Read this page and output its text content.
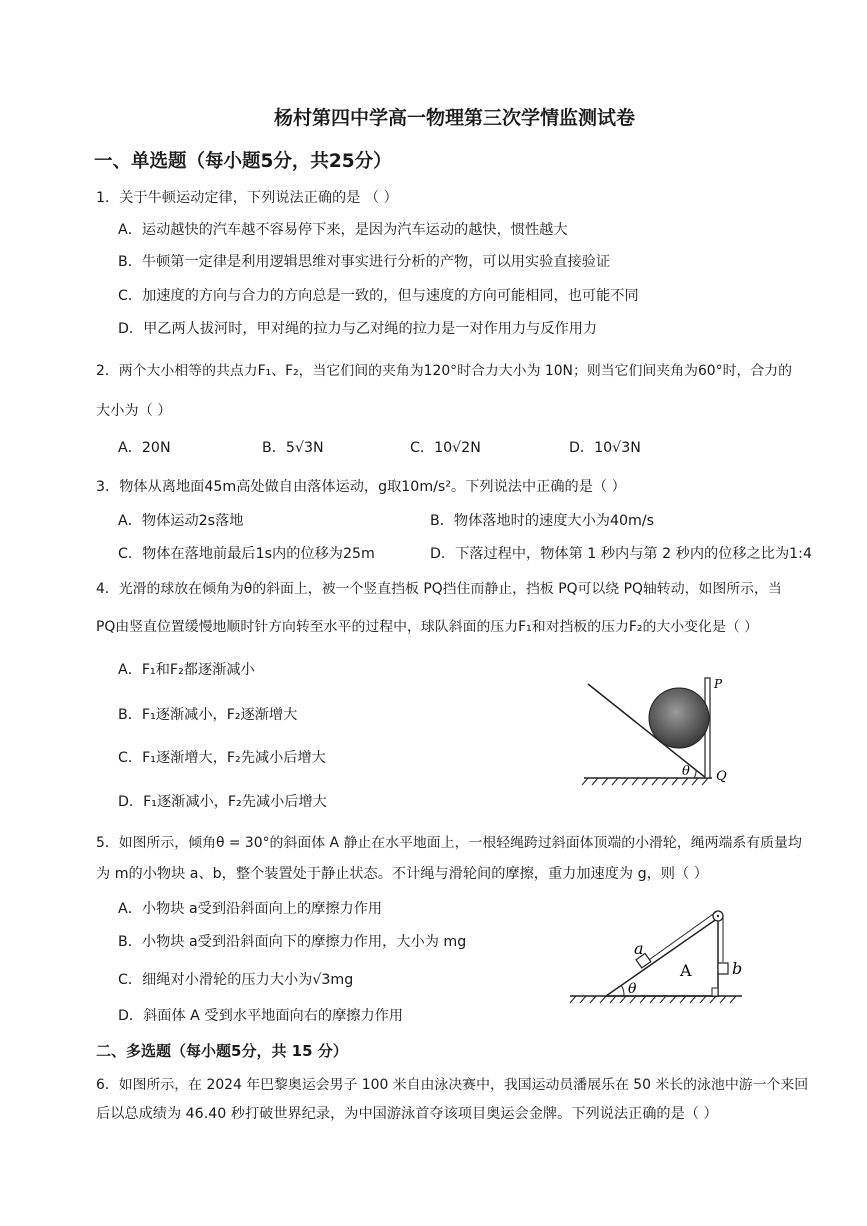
杨村第四中学高一物理第三次学情监测试卷
一、单选题（每小题5分，共25分）
1．关于牛顿运动定律，下列说法正确的是 （ ）
A．运动越快的汽车越不容易停下来，是因为汽车运动的越快，惯性越大
B．牛顿第一定律是利用逻辑思维对事实进行分析的产物，可以用实验直接验证
C．加速度的方向与合力的方向总是一致的，但与速度的方向可能相同，也可能不同
D．甲乙两人拔河时，甲对绳的拉力与乙对绳的拉力是一对作用力与反作用力
2．两个大小相等的共点力F₁、F₂，当它们间的夹角为120°时合力大小为 10N；则当它们间夹角为60°时，合力的
大小为（ ）
A．20N	B．5√3N	C．10√2N	D．10√3N
3．物体从离地面45m高处做自由落体运动，g取10m/s²。下列说法中正确的是（ ）
A．物体运动2s落地	B．物体落地时的速度大小为40m/s
C．物体在落地前最后1s内的位移为25m	D．下落过程中，物体第 1 秒内与第 2 秒内的位移之比为1:4
4．光滑的球放在倾角为θ的斜面上，被一个竖直挡板 PQ挡住而静止，挡板 PQ可以绕 PQ轴转动，如图所示，当
PQ由竖直位置缓慢地顺时针方向转至水平的过程中，球队斜面的压力F₁和对挡板的压力F₂的大小变化是（ ）
A．F₁和F₂都逐渐减小
B．F₁逐渐减小，F₂逐渐增大
C．F₁逐渐增大，F₂先减小后增大
D．F₁逐渐减小，F₂先减小后增大
θ
P
Q
5．如图所示，倾角θ = 30°的斜面体 A 静止在水平地面上，一根轻绳跨过斜面体顶端的小滑轮，绳两端系有质量均
为 m的小物块 a、b，整个装置处于静止状态。不计绳与滑轮间的摩擦，重力加速度为 g，则（ ）
A．小物块 a受到沿斜面向上的摩擦力作用
B．小物块 a受到沿斜面向下的摩擦力作用，大小为 mg
C．细绳对小滑轮的压力大小为√3mg
D．斜面体 A 受到水平地面向右的摩擦力作用
θ
a
A	b
二、多选题（每小题5分，共 15 分）
6．如图所示，在 2024 年巴黎奥运会男子 100 米自由泳决赛中，我国运动员潘展乐在 50 米长的泳池中游一个来回
后以总成绩为 46.40 秒打破世界纪录，为中国游泳首夺该项目奥运会金牌。下列说法正确的是（ ）
